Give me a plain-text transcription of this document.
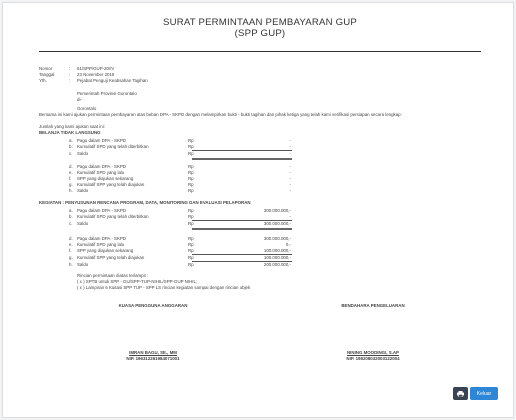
SURAT PERMINTAAN PEMBAYARAN GUP
(SPP GUP)
Nomor	: 61/SPP/GUP-20/IV
Tanggal	: 23 November 2019
Yth.	: Pejabat Penguji Keabsahan Tagihan
Pemerintah Provinsi Gorontalo
di-
Gorontalo
Bersama ini kami ajukan permintaan pembayaran atas beban DPA - SKPD dengan melampirkan bukti - bukti tagihan dan pihak ketiga yang telah kami verifikasi persiapan secara lengkap:
Jumlah yang kami ajukan saat ini:
BELANJA TIDAK LANGSUNG
a. Pagu dalam DPA - SKPD	Rp	-
b. Kumulatif SPD yang telah diterbitkan	Rp	-
c. Saldo	Rp	-
d. Pagu dalam DPA - SKPD	Rp	-
e. Kumulatif SPD yang lalu	Rp	-
f. SPP yang diajukan sekarang	Rp	-
g. Kumulatif SPP yang telah diajukan	Rp	-
h. Saldo	Rp	-
KEGIATAN : PENYUSUNAN RENCANA PROGRAM, DATA, MONITORING DAN EVALUASI PELAPORAN
a. Pagu dalam DPA - SKPD	Rp	300.000.000,-
b. Kumulatif SPD yang telah diterbitkan	Rp	-
c. Saldo	Rp	300.000.000,-
d. Pagu dalam DPA - SKPD	Rp	300.000.000,-
e. Kumulatif SPD yang lalu	Rp	0,-
f. SPP yang diajukan sekarang	Rp	100.000.000,-
g. Kumulatif SPP yang telah diajukan	Rp	100.000.000,-
h. Saldo	Rp	200.000.000,-
Rincian permintaan diatas terlampir :
( x ) SPTB untuk SPP - GU/SPP-TUP-NIHIL/SPP-GUP NIHIL;
( x ) Lampiran 6 Kuitasi SPP TUP - SPP LS rincian kegiatan sampai dengan rincian objek
KUASA PENGGUNA ANGGARAN	BENDAHARA PENGELUARAN
IMRAN BAGU, SE., MM
NIP. 196312261984071001
NINING MOODINGI, S.AP
NIP. 198208032003122004
Keluar
